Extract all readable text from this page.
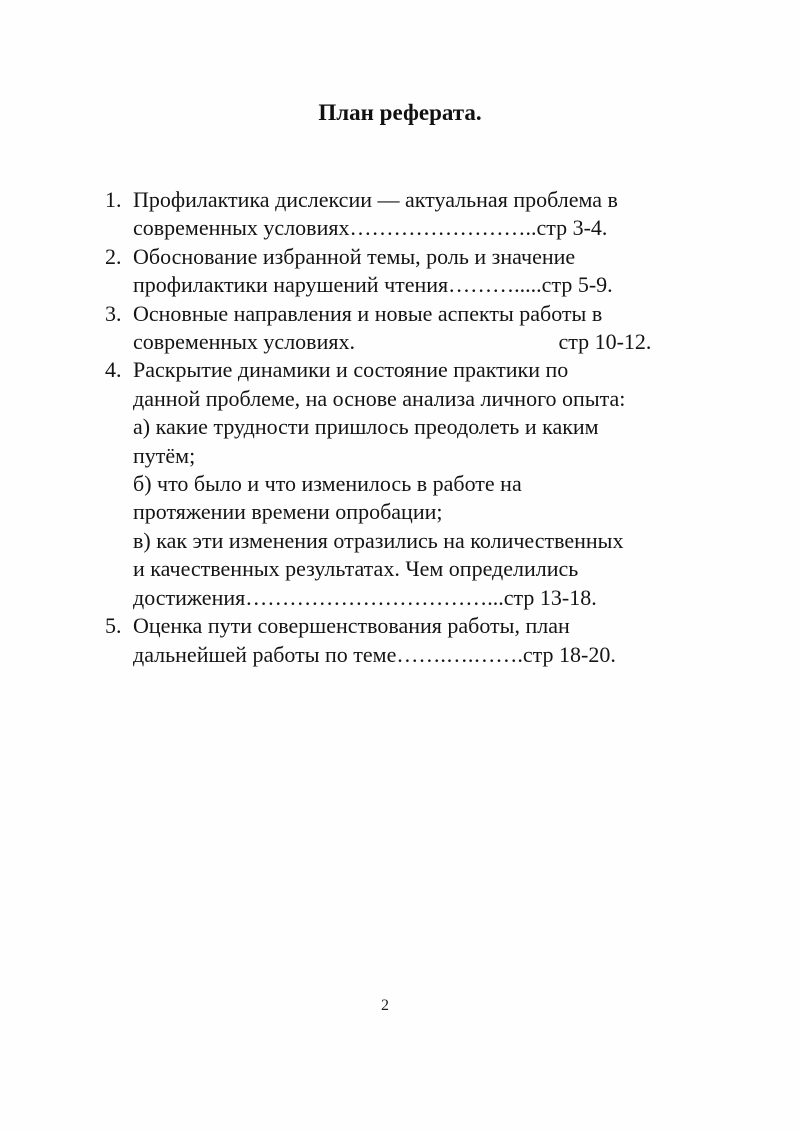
План реферата.
1. Профилактика дислексии — актуальная проблема в
современных условиях……………………..стр 3-4.
2. Обоснование избранной темы, роль и значение
профилактики нарушений чтения……….....стр 5-9.
3. Основные направления и новые аспекты работы в
современных условиях.                                     стр 10-12.
4. Раскрытие динамики и состояние практики по
данной проблеме, на основе анализа личного опыта:
а) какие трудности пришлось преодолеть и каким
путём;
б) что было и что изменилось в работе на
протяжении времени опробации;
в) как эти изменения отразились на количественных
и качественных результатах. Чем определились
достижения……………………………...стр 13-18.
5. Оценка пути совершенствования работы, план
дальнейшей работы по теме…….….…….стр 18-20.
2
